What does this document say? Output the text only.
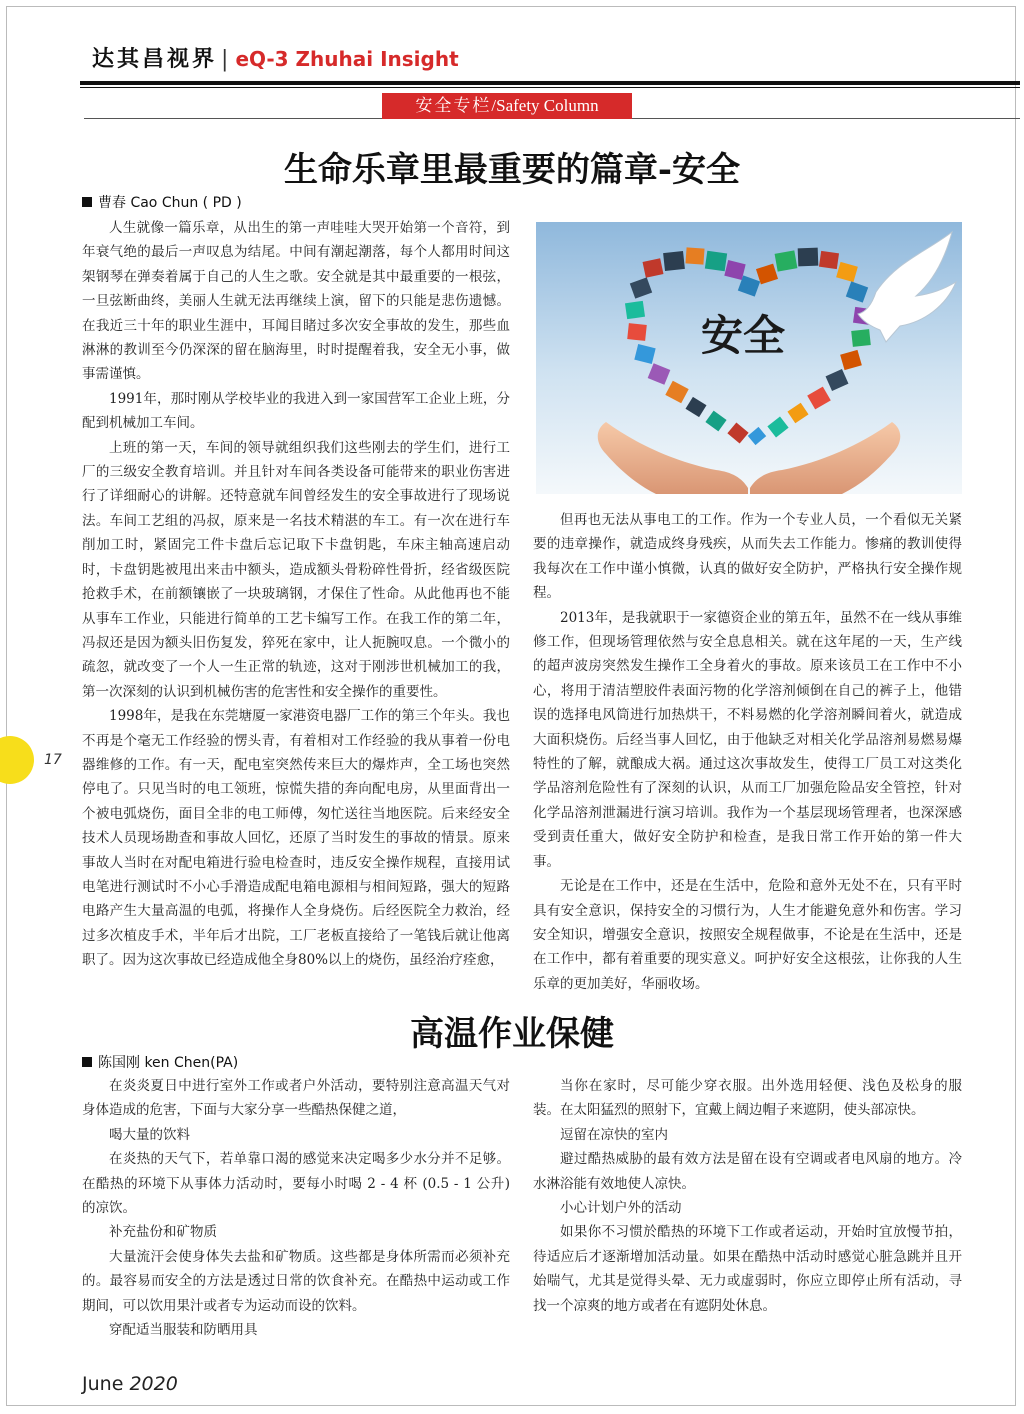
达其昌视界 | eQ-3 Zhuhai Insight
安全专栏/Safety Column
生命乐章里最重要的篇章-安全
曹春 Cao Chun ( PD )

人生就像一篇乐章，从出生的第一声哇哇大哭开始第一个音符，到年衰气绝的最后一声叹息为结尾。中间有潮起潮落，每个人都用时间这架钢琴在弹奏着属于自己的人生之歌。安全就是其中最重要的一根弦，一旦弦断曲终，美丽人生就无法再继续上演，留下的只能是悲伤遗憾。在我近三十年的职业生涯中，耳闻目睹过多次安全事故的发生，那些血淋淋的教训至今仍深深的留在脑海里，时时提醒着我，安全无小事，做事需谨慎。

1991年，那时刚从学校毕业的我进入到一家国营军工企业上班，分配到机械加工车间。

上班的第一天，车间的领导就组织我们这些刚去的学生们，进行工厂的三级安全教育培训。并且针对车间各类设备可能带来的职业伤害进行了详细耐心的讲解。还特意就车间曾经发生的安全事故进行了现场说法。车间工艺组的冯叔，原来是一名技术精湛的车工。有一次在进行车削加工时，紧固完工件卡盘后忘记取下卡盘钥匙，车床主轴高速启动时，卡盘钥匙被甩出来击中额头，造成额头骨粉碎性骨折，经省级医院抢救手术，在前额镶嵌了一块玻璃钢，才保住了性命。从此他再也不能从事车工作业，只能进行简单的工艺卡编写工作。在我工作的第二年，冯叔还是因为额头旧伤复发，猝死在家中，让人扼腕叹息。一个微小的疏忽，就改变了一个人一生正常的轨迹，这对于刚涉世机械加工的我，第一次深刻的认识到机械伤害的危害性和安全操作的重要性。

1998年，是我在东莞塘厦一家港资电器厂工作的第三个年头。我也不再是个毫无工作经验的愣头青，有着相对工作经验的我从事着一份电器维修的工作。有一天，配电室突然传来巨大的爆炸声，全工场也突然停电了。只见当时的电工领班，惊慌失措的奔向配电房，从里面背出一个被电弧烧伤，面目全非的电工师傅，匆忙送往当地医院。后来经安全技术人员现场勘查和事故人回忆，还原了当时发生的事故的情景。原来事故人当时在对配电箱进行验电检查时，违反安全操作规程，直接用试电笔进行测试时不小心手滑造成配电箱电源相与相间短路，强大的短路电路产生大量高温的电弧，将操作人全身烧伤。后经医院全力救治，经过多次植皮手术，半年后才出院，工厂老板直接给了一笔钱后就让他离职了。因为这次事故已经造成他全身80%以上的烧伤，虽经治疗痊愈，

安全

但再也无法从事电工的工作。作为一个专业人员，一个看似无关紧要的违章操作，就造成终身残疾，从而失去工作能力。惨痛的教训使得我每次在工作中谨小慎微，认真的做好安全防护，严格执行安全操作规程。

2013年，是我就职于一家德资企业的第五年，虽然不在一线从事维修工作，但现场管理依然与安全息息相关。就在这年尾的一天，生产线的超声波房突然发生操作工全身着火的事故。原来该员工在工作中不小心，将用于清洁塑胶件表面污物的化学溶剂倾倒在自己的裤子上，他错误的选择电风筒进行加热烘干，不料易燃的化学溶剂瞬间着火，就造成大面积烧伤。后经当事人回忆，由于他缺乏对相关化学品溶剂易燃易爆特性的了解，就酿成大祸。通过这次事故发生，使得工厂员工对这类化学品溶剂危险性有了深刻的认识，从而工厂加强危险品安全管控，针对化学品溶剂泄漏进行演习培训。我作为一个基层现场管理者，也深深感受到责任重大，做好安全防护和检查，是我日常工作开始的第一件大事。

无论是在工作中，还是在生活中，危险和意外无处不在，只有平时具有安全意识，保持安全的习惯行为，人生才能避免意外和伤害。学习安全知识，增强安全意识，按照安全规程做事，不论是在生活中，还是在工作中，都有着重要的现实意义。呵护好安全这根弦，让你我的人生乐章的更加美好，华丽收场。

高温作业保健
陈国刚 ken Chen(PA)

在炎炎夏日中进行室外工作或者户外活动，要特别注意高温天气对身体造成的危害，下面与大家分享一些酷热保健之道，

喝大量的饮料

在炎热的天气下，若单靠口渴的感觉来决定喝多少水分并不足够。在酷热的环境下从事体力活动时，要每小时喝 2 - 4 杯 (0.5 - 1 公升) 的凉饮。

补充盐份和矿物质

大量流汗会使身体失去盐和矿物质。这些都是身体所需而必须补充的。最容易而安全的方法是透过日常的饮食补充。在酷热中运动或工作期间，可以饮用果汁或者专为运动而设的饮料。

穿配适当服装和防晒用具

当你在家时，尽可能少穿衣服。出外选用轻便、浅色及松身的服装。在太阳猛烈的照射下，宜戴上阔边帽子来遮阴，使头部凉快。

逗留在凉快的室内

避过酷热威胁的最有效方法是留在设有空调或者电风扇的地方。冷水淋浴能有效地使人凉快。

小心计划户外的活动

如果你不习惯於酷热的环境下工作或者运动，开始时宜放慢节拍，待适应后才逐渐增加活动量。如果在酷热中活动时感觉心脏急跳并且开始喘气，尤其是觉得头晕、无力或虚弱时，你应立即停止所有活动，寻找一个凉爽的地方或者在有遮阴处休息。

17
June 2020
